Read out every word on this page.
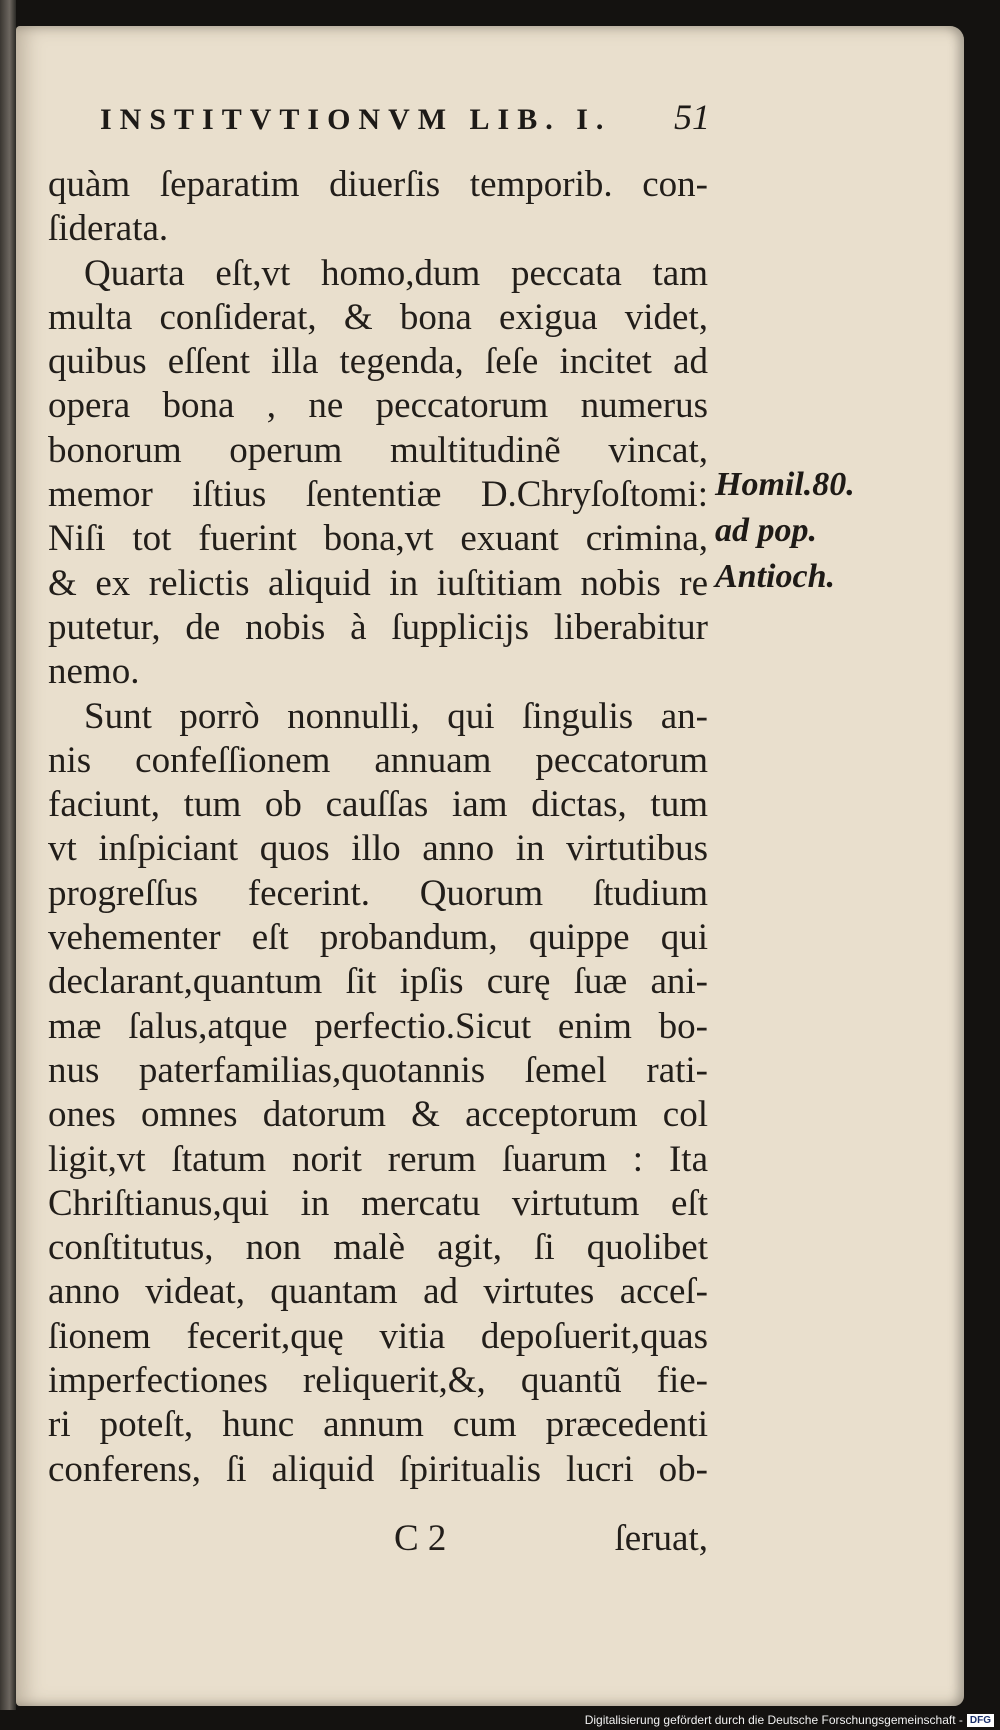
INSTITVTIONVM LIB. I. 51
quàm ſeparatim diuerſis temporib. con-
ſiderata.
Quarta eſt,vt homo,dum peccata tam
multa conſiderat, & bona exigua videt,
quibus eſſent illa tegenda, ſeſe incitet ad
opera bona , ne peccatorum numerus
bonorum operum multitudinẽ vincat,
memor iſtius ſententiæ D.Chryſoſtomi:
Niſi tot fuerint bona,vt exuant crimina,
& ex relictis aliquid in iuſtitiam nobis re
putetur, de nobis à ſupplicijs liberabitur
nemo.
Sunt porrò nonnulli, qui ſingulis an-
nis confeſſionem annuam peccatorum
faciunt, tum ob cauſſas iam dictas, tum
vt inſpiciant quos illo anno in virtutibus
progreſſus fecerint. Quorum ſtudium
vehementer eſt probandum, quippe qui
declarant,quantum ſit ipſis curę ſuæ ani-
mæ ſalus,atque perfectio.Sicut enim bo-
nus paterfamilias,quotannis ſemel rati-
ones omnes datorum & acceptorum col
ligit,vt ſtatum norit rerum ſuarum : Ita
Chriſtianus,qui in mercatu virtutum eſt
conſtitutus, non malè agit, ſi quolibet
anno videat, quantam ad virtutes acceſ-
ſionem fecerit,quę vitia depoſuerit,quas
imperfectiones reliquerit,&, quantũ fie-
ri poteſt, hunc annum cum præcedenti
conferens, ſi aliquid ſpiritualis lucri ob-
Homil.80.
ad pop.
Antioch.
C 2	ſeruat,
Digitalisierung gefördert durch die Deutsche Forschungsgemeinschaft - DFG
